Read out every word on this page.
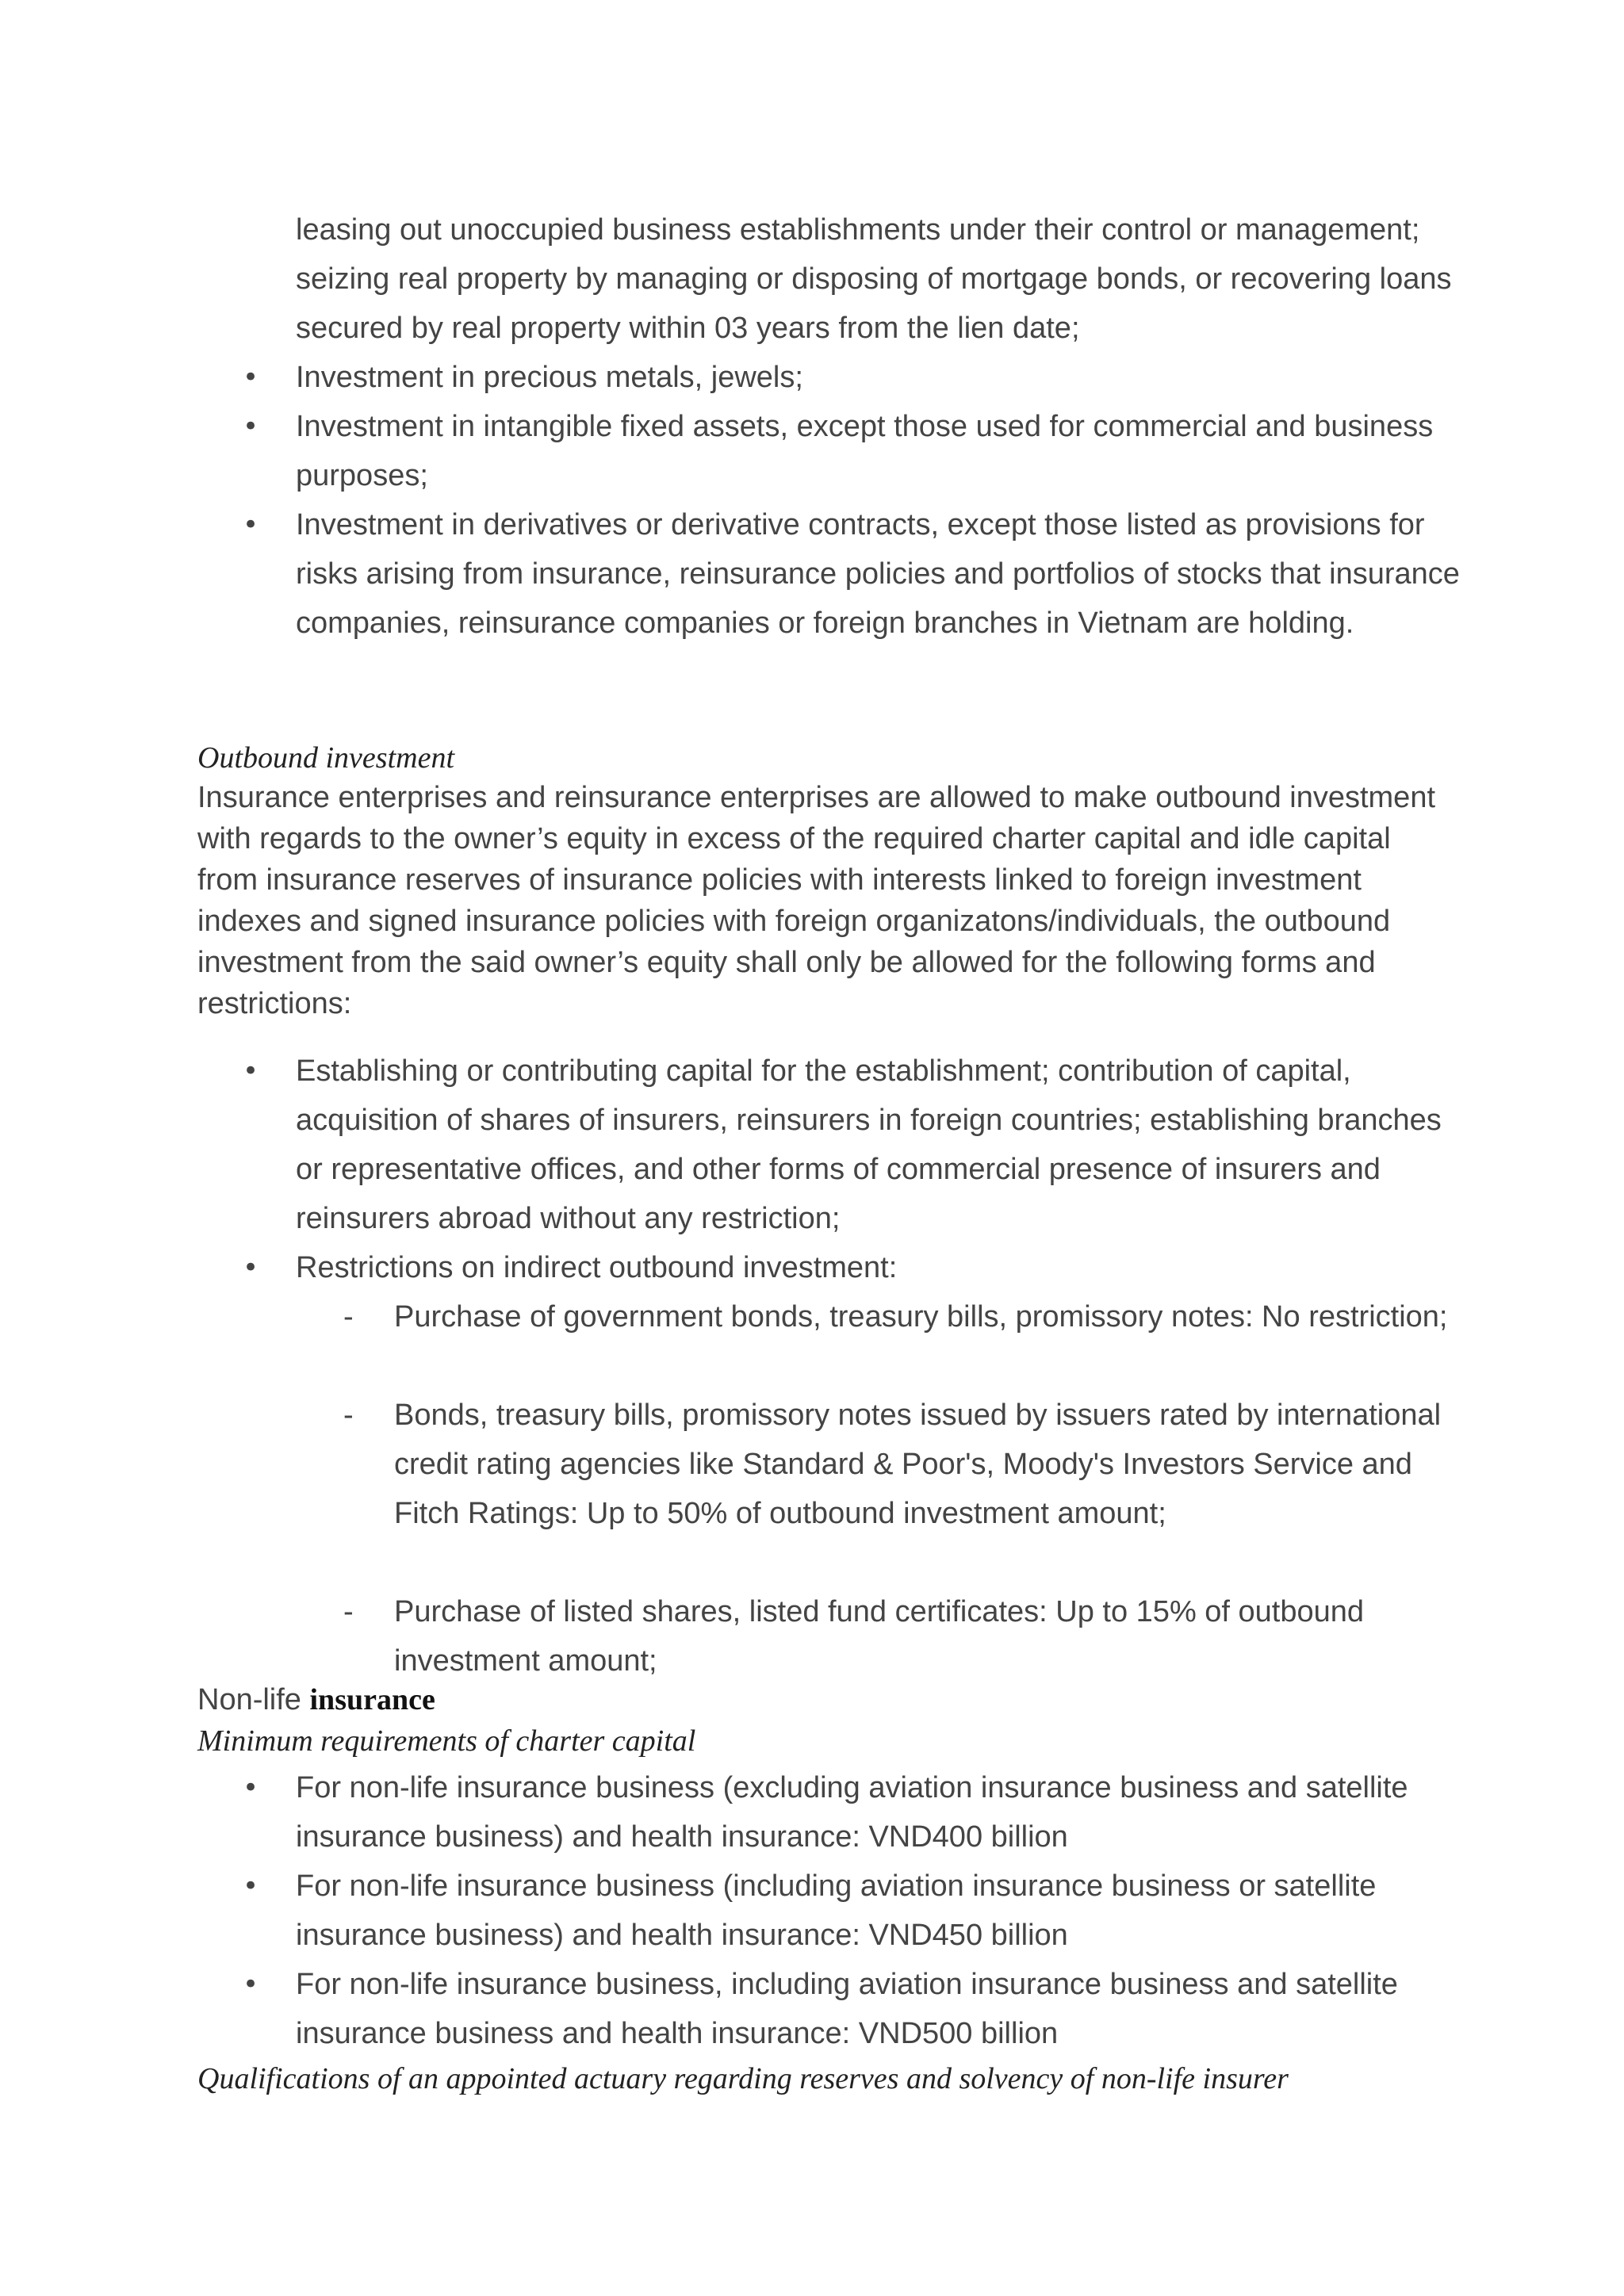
leasing out unoccupied business establishments under their control or management; seizing real property by managing or disposing of mortgage bonds, or recovering loans secured by real property within 03 years from the lien date;
• Investment in precious metals, jewels;
• Investment in intangible fixed assets, except those used for commercial and business purposes;
• Investment in derivatives or derivative contracts, except those listed as provisions for risks arising from insurance, reinsurance policies and portfolios of stocks that insurance companies, reinsurance companies or foreign branches in Vietnam are holding.
Outbound investment
Insurance enterprises and reinsurance enterprises are allowed to make outbound investment with regards to the owner’s equity in excess of the required charter capital and idle capital from insurance reserves of insurance policies with interests linked to foreign investment indexes and signed insurance policies with foreign organizatons/individuals, the outbound investment from the said owner’s equity shall only be allowed for the following forms and restrictions:
• Establishing or contributing capital for the establishment; contribution of capital, acquisition of shares of insurers, reinsurers in foreign countries; establishing branches or representative offices, and other forms of commercial presence of insurers and reinsurers abroad without any restriction;
• Restrictions on indirect outbound investment:
-	Purchase of government bonds, treasury bills, promissory notes: No restriction;
-	Bonds, treasury bills, promissory notes issued by issuers rated by international credit rating agencies like Standard & Poor's, Moody's Investors Service and Fitch Ratings: Up to 50% of outbound investment amount;
-	Purchase of listed shares, listed fund certificates: Up to 15% of outbound investment amount;
Non-life insurance
Minimum requirements of charter capital
• For non-life insurance business (excluding aviation insurance business and satellite insurance business) and health insurance: VND400 billion
• For non-life insurance business (including aviation insurance business or satellite insurance business) and health insurance: VND450 billion
• For non-life insurance business, including aviation insurance business and satellite insurance business and health insurance: VND500 billion
Qualifications of an appointed actuary regarding reserves and solvency of non-life insurer
